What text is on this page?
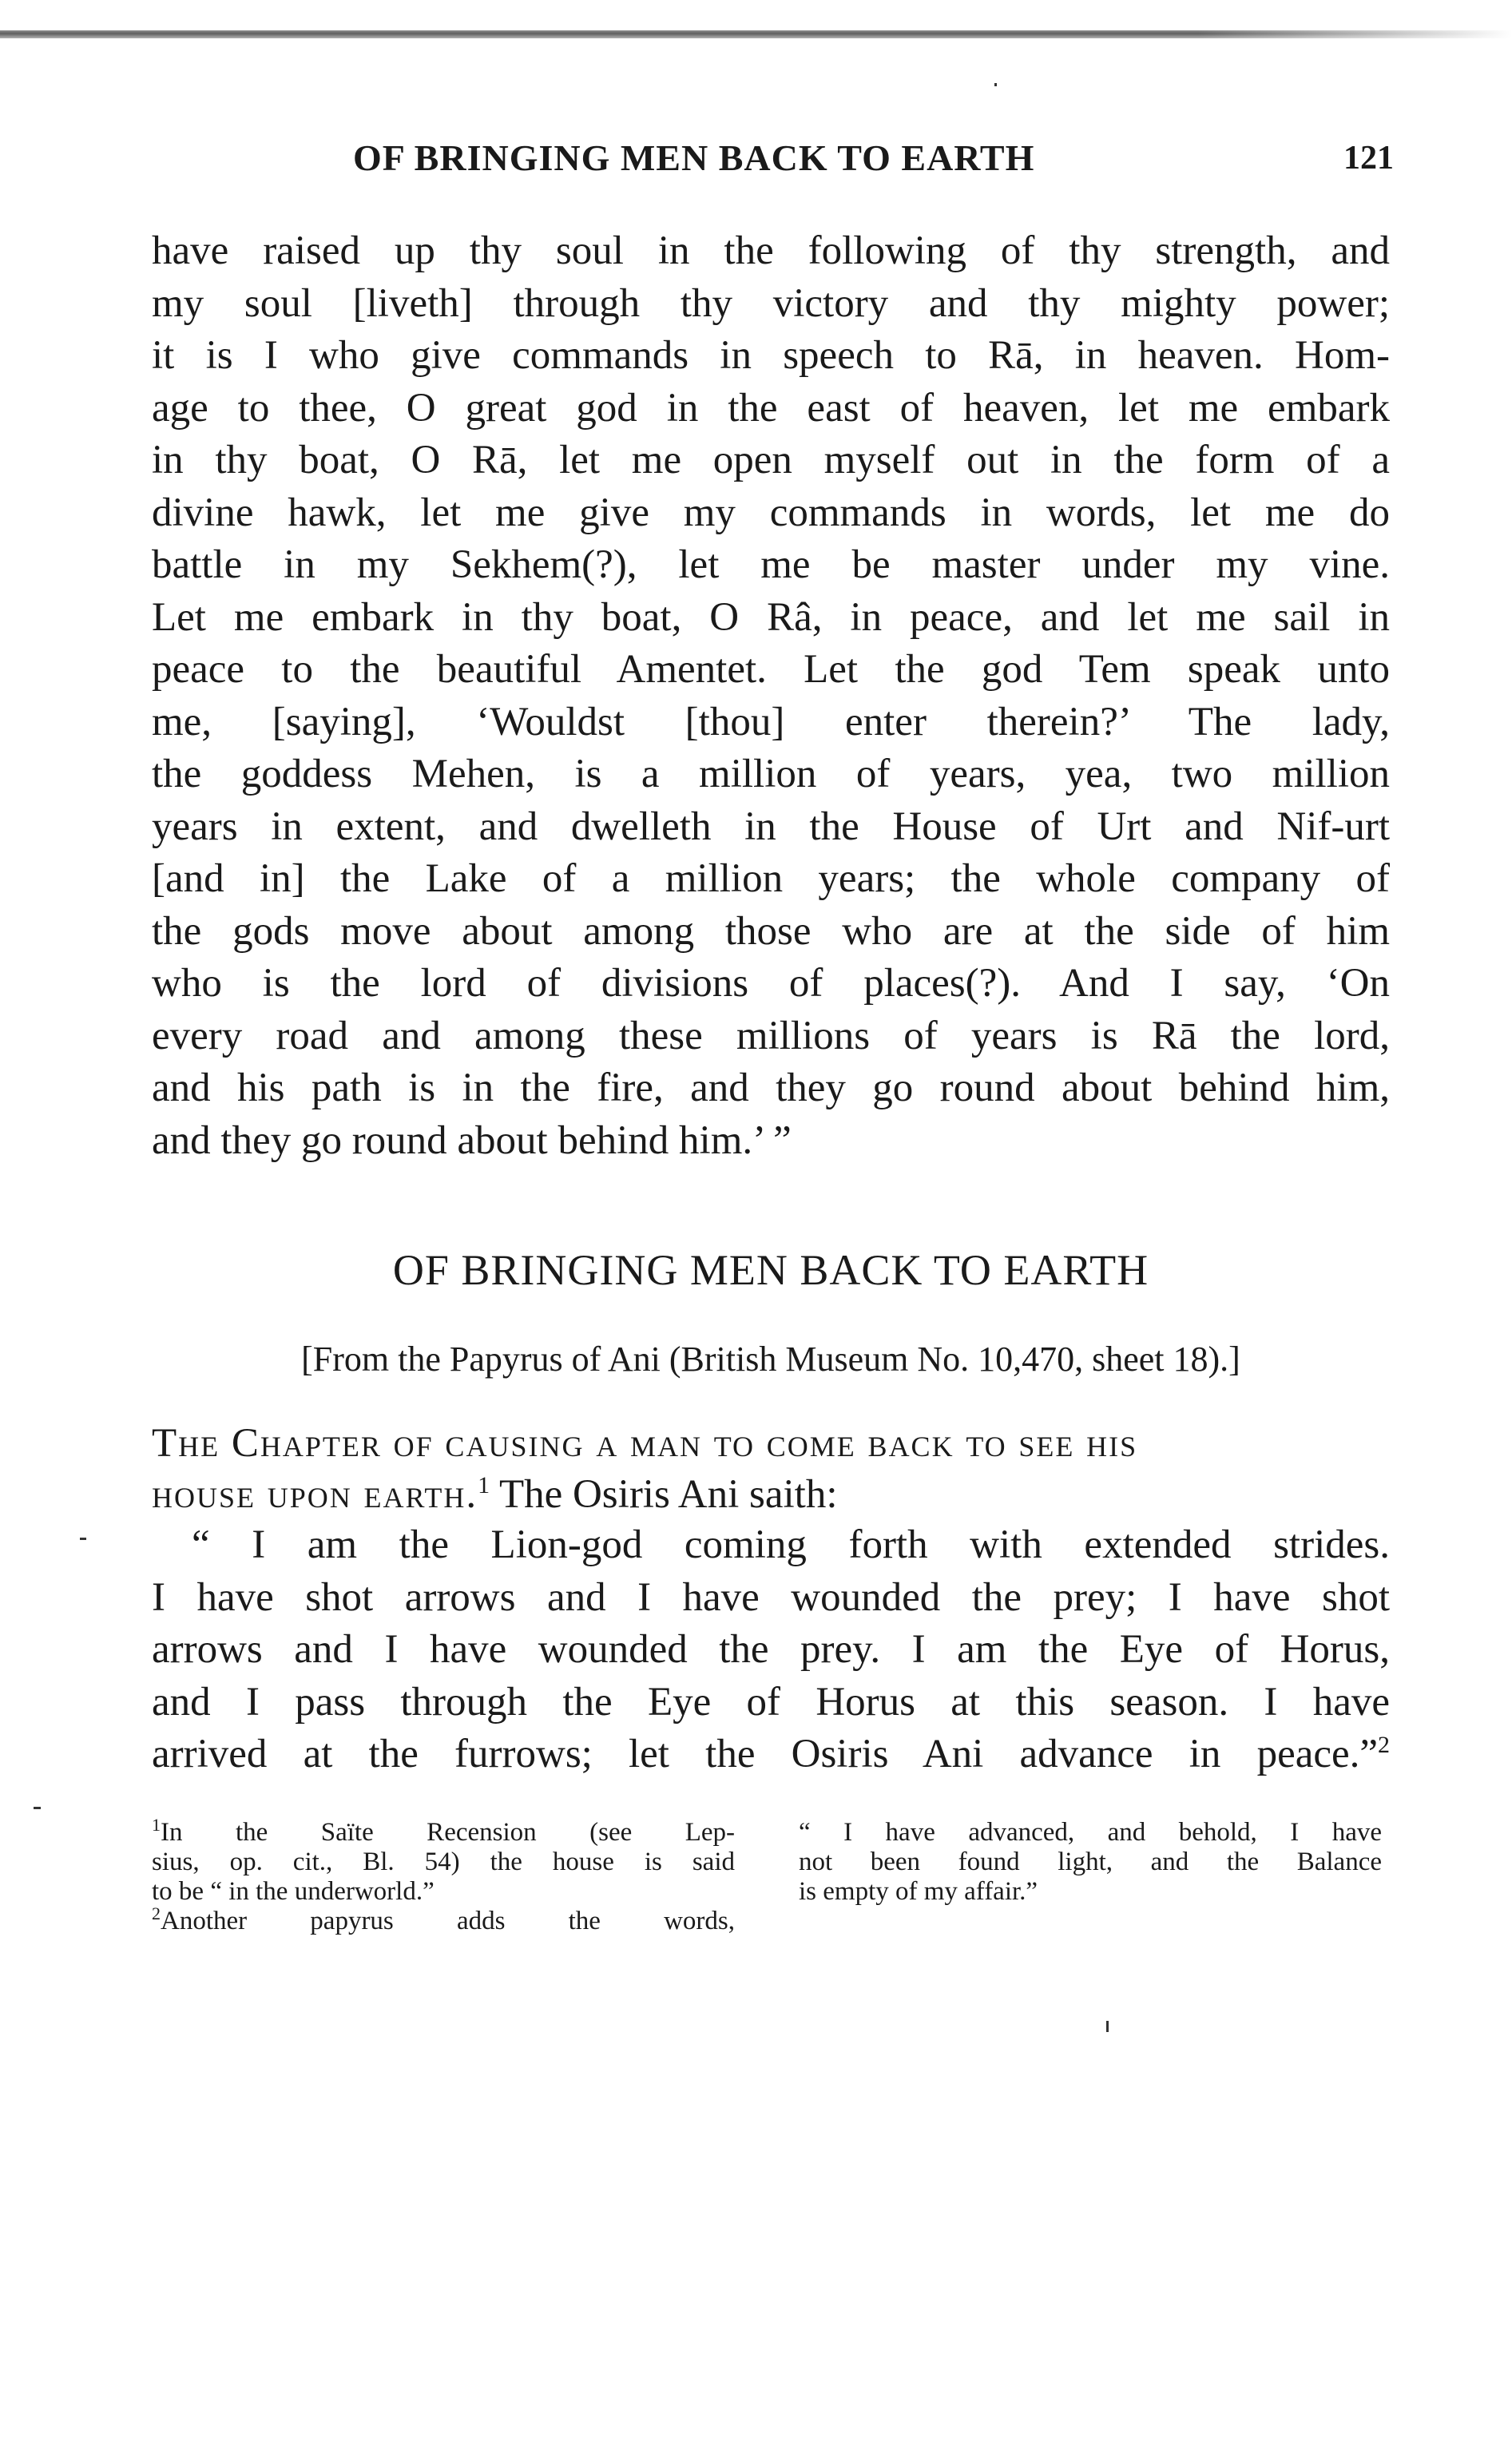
OF BRINGING MEN BACK TO EARTH	121
have raised up thy soul in the following of thy strength, and
my soul [liveth] through thy victory and thy mighty power;
it is I who give commands in speech to Rā, in heaven. Hom-
age to thee, O great god in the east of heaven, let me embark
in thy boat, O Rā, let me open myself out in the form of a
divine hawk, let me give my commands in words, let me do
battle in my Sekhem(?), let me be master under my vine.
Let me embark in thy boat, O Râ, in peace, and let me sail in
peace to the beautiful Amentet. Let the god Tem speak unto
me, [saying], ‘Wouldst [thou] enter therein?’ The lady,
the goddess Mehen, is a million of years, yea, two million
years in extent, and dwelleth in the House of Urt and Nif-urt
[and in] the Lake of a million years; the whole company of
the gods move about among those who are at the side of him
who is the lord of divisions of places(?). And I say, ‘On
every road and among these millions of years is Rā the lord,
and his path is in the fire, and they go round about behind him,
and they go round about behind him.’ ”
OF BRINGING MEN BACK TO EARTH
[From the Papyrus of Ani (British Museum No. 10,470, sheet 18).]
The Chapter of causing a man to come back to see his
house upon earth.$^1$ The Osiris Ani saith:
“ I am the Lion-god coming forth with extended strides.
I have shot arrows and I have wounded the prey; I have shot
arrows and I have wounded the prey. I am the Eye of Horus,
and I pass through the Eye of Horus at this season. I have
arrived at the furrows; let the Osiris Ani advance in peace.”$^2$
$^1$In the Saïte Recension (see Lep-
sius, op. cit., Bl. 54) the house is said
to be “ in the underworld.”
$^2$Another papyrus adds the words,
“ I have advanced, and behold, I have
not been found light, and the Balance
is empty of my affair.”
